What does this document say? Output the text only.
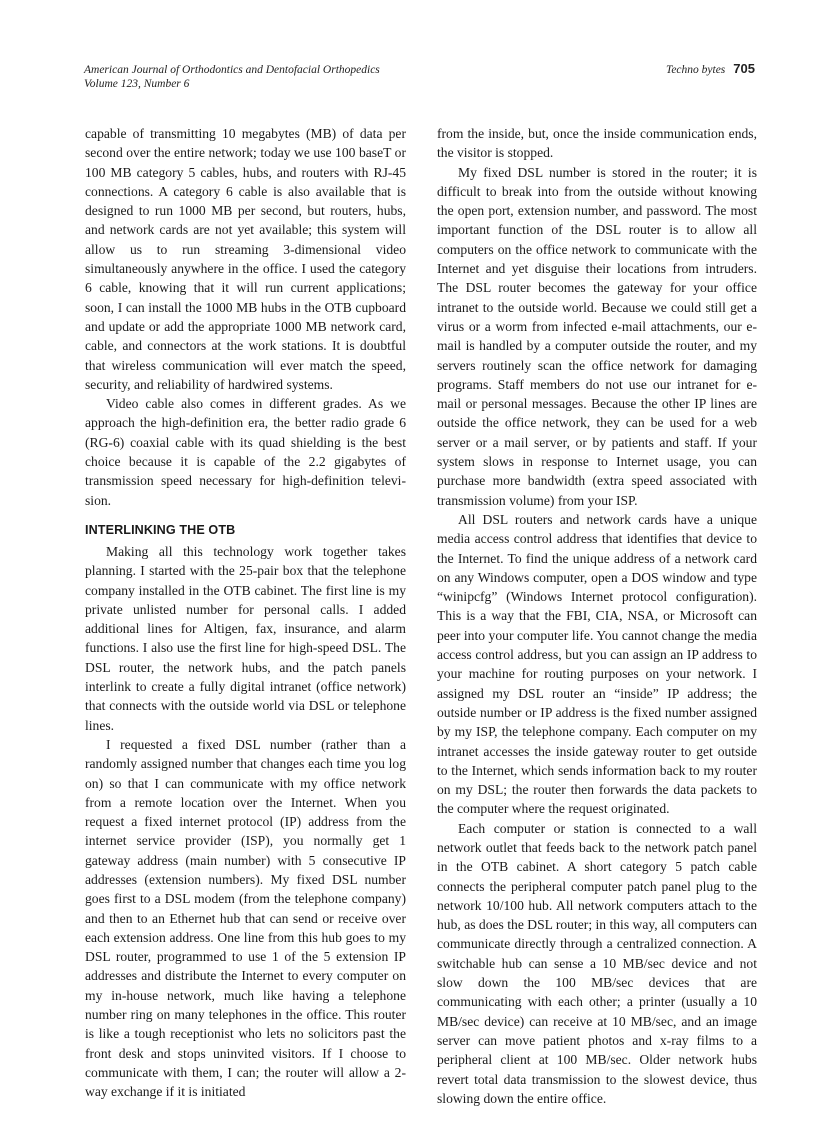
American Journal of Orthodontics and Dentofacial Orthopedics
Volume 123, Number 6
Techno bytes 705

capable of transmitting 10 megabytes (MB) of data per second over the entire network; today we use 100 baseT or 100 MB category 5 cables, hubs, and routers with RJ-45 connections. A category 6 cable is also available that is designed to run 1000 MB per second, but routers, hubs, and network cards are not yet available; this system will allow us to run streaming 3-dimensional video simultaneously anywhere in the office. I used the category 6 cable, knowing that it will run current applications; soon, I can install the 1000 MB hubs in the OTB cupboard and update or add the appropriate 1000 MB network card, cable, and connectors at the work stations. It is doubtful that wireless communication will ever match the speed, security, and reliability of hardwired systems.

Video cable also comes in different grades. As we approach the high-definition era, the better radio grade 6 (RG-6) coaxial cable with its quad shielding is the best choice because it is capable of the 2.2 gigabytes of transmission speed necessary for high-definition television.

INTERLINKING THE OTB

Making all this technology work together takes planning. I started with the 25-pair box that the telephone company installed in the OTB cabinet. The first line is my private unlisted number for personal calls. I added additional lines for Altigen, fax, insurance, and alarm functions. I also use the first line for high-speed DSL. The DSL router, the network hubs, and the patch panels interlink to create a fully digital intranet (office network) that connects with the outside world via DSL or telephone lines.

I requested a fixed DSL number (rather than a randomly assigned number that changes each time you log on) so that I can communicate with my office network from a remote location over the Internet. When you request a fixed internet protocol (IP) address from the internet service provider (ISP), you normally get 1 gateway address (main number) with 5 consecutive IP addresses (extension numbers). My fixed DSL number goes first to a DSL modem (from the telephone company) and then to an Ethernet hub that can send or receive over each extension address. One line from this hub goes to my DSL router, programmed to use 1 of the 5 extension IP addresses and distribute the Internet to every computer on my in-house network, much like having a telephone number ring on many telephones in the office. This router is like a tough receptionist who lets no solicitors past the front desk and stops uninvited visitors. If I choose to communicate with them, I can; the router will allow a 2-way exchange if it is initiated

from the inside, but, once the inside communication ends, the visitor is stopped.

My fixed DSL number is stored in the router; it is difficult to break into from the outside without knowing the open port, extension number, and password. The most important function of the DSL router is to allow all computers on the office network to communicate with the Internet and yet disguise their locations from intruders. The DSL router becomes the gateway for your office intranet to the outside world. Because we could still get a virus or a worm from infected e-mail attachments, our e-mail is handled by a computer outside the router, and my servers routinely scan the office network for damaging programs. Staff members do not use our intranet for e-mail or personal messages. Because the other IP lines are outside the office network, they can be used for a web server or a mail server, or by patients and staff. If your system slows in response to Internet usage, you can purchase more bandwidth (extra speed associated with transmission volume) from your ISP.

All DSL routers and network cards have a unique media access control address that identifies that device to the Internet. To find the unique address of a network card on any Windows computer, open a DOS window and type “winipcfg” (Windows Internet protocol configuration). This is a way that the FBI, CIA, NSA, or Microsoft can peer into your computer life. You cannot change the media access control address, but you can assign an IP address to your machine for routing purposes on your network. I assigned my DSL router an “inside” IP address; the outside number or IP address is the fixed number assigned by my ISP, the telephone company. Each computer on my intranet accesses the inside gateway router to get outside to the Internet, which sends information back to my router on my DSL; the router then forwards the data packets to the computer where the request originated.

Each computer or station is connected to a wall network outlet that feeds back to the network patch panel in the OTB cabinet. A short category 5 patch cable connects the peripheral computer patch panel plug to the network 10/100 hub. All network computers attach to the hub, as does the DSL router; in this way, all computers can communicate directly through a centralized connection. A switchable hub can sense a 10 MB/sec device and not slow down the 100 MB/sec devices that are communicating with each other; a printer (usually a 10 MB/sec device) can receive at 10 MB/sec, and an image server can move patient photos and x-ray films to a peripheral client at 100 MB/sec. Older network hubs revert total data transmission to the slowest device, thus slowing down the entire office.
